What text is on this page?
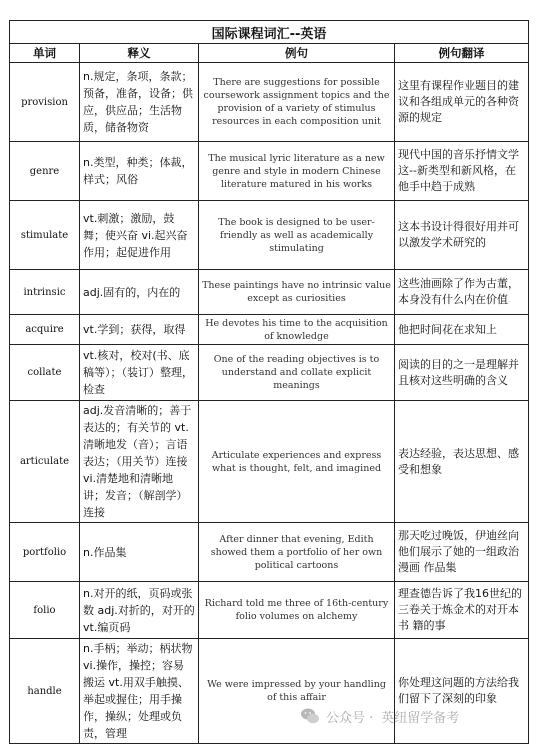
国际课程词汇--英语			
单词	释义	例句	例句翻译
provision	n.规定，条项，条款；预备，准备，设备；供应，供应品；生活物质，储备物资	There are suggestions for possible coursework assignment topics and the provision of a variety of stimulus resources in each composition unit	这里有课程作业题目的建议和各组成单元的各种资源的规定
genre	n.类型，种类；体裁，样式；风俗	The musical lyric literature as a new genre and style in modern Chinese literature matured in his works	现代中国的音乐抒情文学这--新类型和新风格，在他手中趋于成熟
stimulate	vt.刺激；激励，鼓舞；使兴奋 vi.起兴奋作用；起促进作用	The book is designed to be user-friendly as well as academically stimulating	这本书设计得很好用并可以激发学术研究的
intrinsic	adj.固有的，内在的	These paintings have no intrinsic value except as curiosities	这些油画除了作为古董，本身没有什么内在价值
acquire	vt.学到；获得，取得	He devotes his time to the acquisition of knowledge	他把时间花在求知上
collate	vt.核对，校对(书、底稿等）；（装订）整理，检查	One of the reading objectives is to understand and collate explicit meanings	阅读的目的之一是理解并且核对这些明确的含义
articulate	adj.发音清晰的；善于表达的；有关节的 vt.清晰地发（音）；言语表达；（用关节）连接 vi.清楚地和清晰地讲；发音；（解剖学）连接	Articulate experiences and express what is thought, felt, and imagined	表达经验，表达思想、感受和想象
portfolio	n.作品集	After dinner that evening, Edith showed them a portfolio of her own political cartoons	那天吃过晚饭，伊迪丝向他们展示了她的一组政治漫画 作品集
folio	n.对开的纸，页码或张数 adj.对折的，对开的 vt.编页码	Richard told me three of 16th-century folio volumes on alchemy	理查德告诉了我16世纪的三卷关于炼金术的对开本书 籍的事
handle	n.手柄；举动；柄状物 vi.操作，操控；容易搬运 vt.用双手触摸、举起或握住；用手操作，操纵；处理或负责，管理	We were impressed by your handling of this affair	你处理这问题的方法给我们留下了深刻的印象
公众号 · 英纽留学备考
